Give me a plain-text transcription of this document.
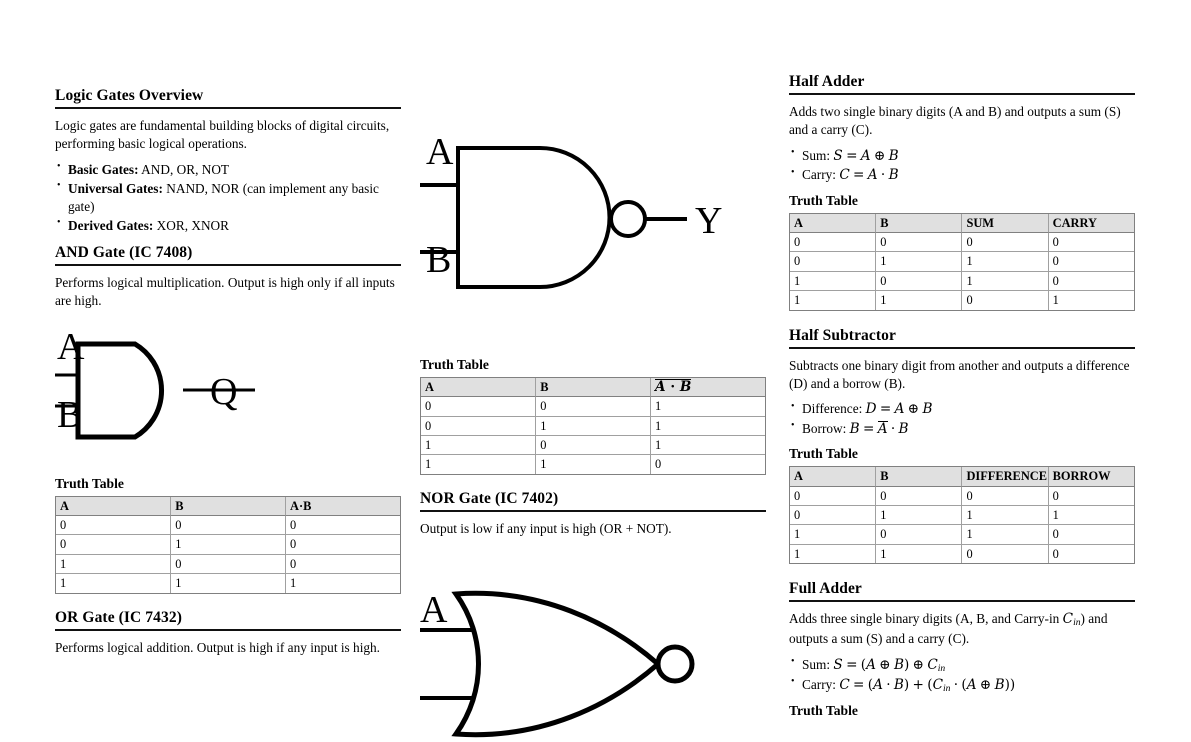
Logic Gates Overview

Logic gates are fundamental building blocks of digital circuits, performing basic logical operations.

• Basic Gates: AND, OR, NOT
• Universal Gates: NAND, NOR (can implement any basic gate)
• Derived Gates: XOR, XNOR
AND Gate (IC 7408)

Performs logical multiplication. Output is high only if all inputs are high.

A
B
Q
Truth Table
A	B	A·B
0	0	0
0	1	0
1	0	0
1	1	1
OR Gate (IC 7432)

Performs logical addition. Output is high if any input is high.

A
B
Y
Truth Table
A	B	A · B
0	0	1
0	1	1
1	0	1
1	1	0
NOR Gate (IC 7402)

Output is low if any input is high (OR + NOT).

A
Half Adder

Adds two single binary digits (A and B) and outputs a sum (S) and a carry (C).

• Sum: S = A ⊕ B
• Carry: C = A · B
Truth Table
A	B	SUM	CARRY
0	0	0	0
0	1	1	0
1	0	1	0
1	1	0	1
Half Subtractor

Subtracts one binary digit from another and outputs a difference (D) and a borrow (B).

• Difference: D = A ⊕ B
• Borrow: B = A · B
Truth Table
A	B	DIFFERENCE	BORROW
0	0	0	0
0	1	1	1
1	0	1	0
1	1	0	0
Full Adder

Adds three single binary digits (A, B, and Carry-in $C_{in}$) and outputs a sum (S) and a carry (C).

• Sum: S = (A ⊕ B) ⊕ $C_{in}$
• Carry: $C = (A \cdot B) + (C_{in} \cdot (A$ ⊕ B))
Truth Table
